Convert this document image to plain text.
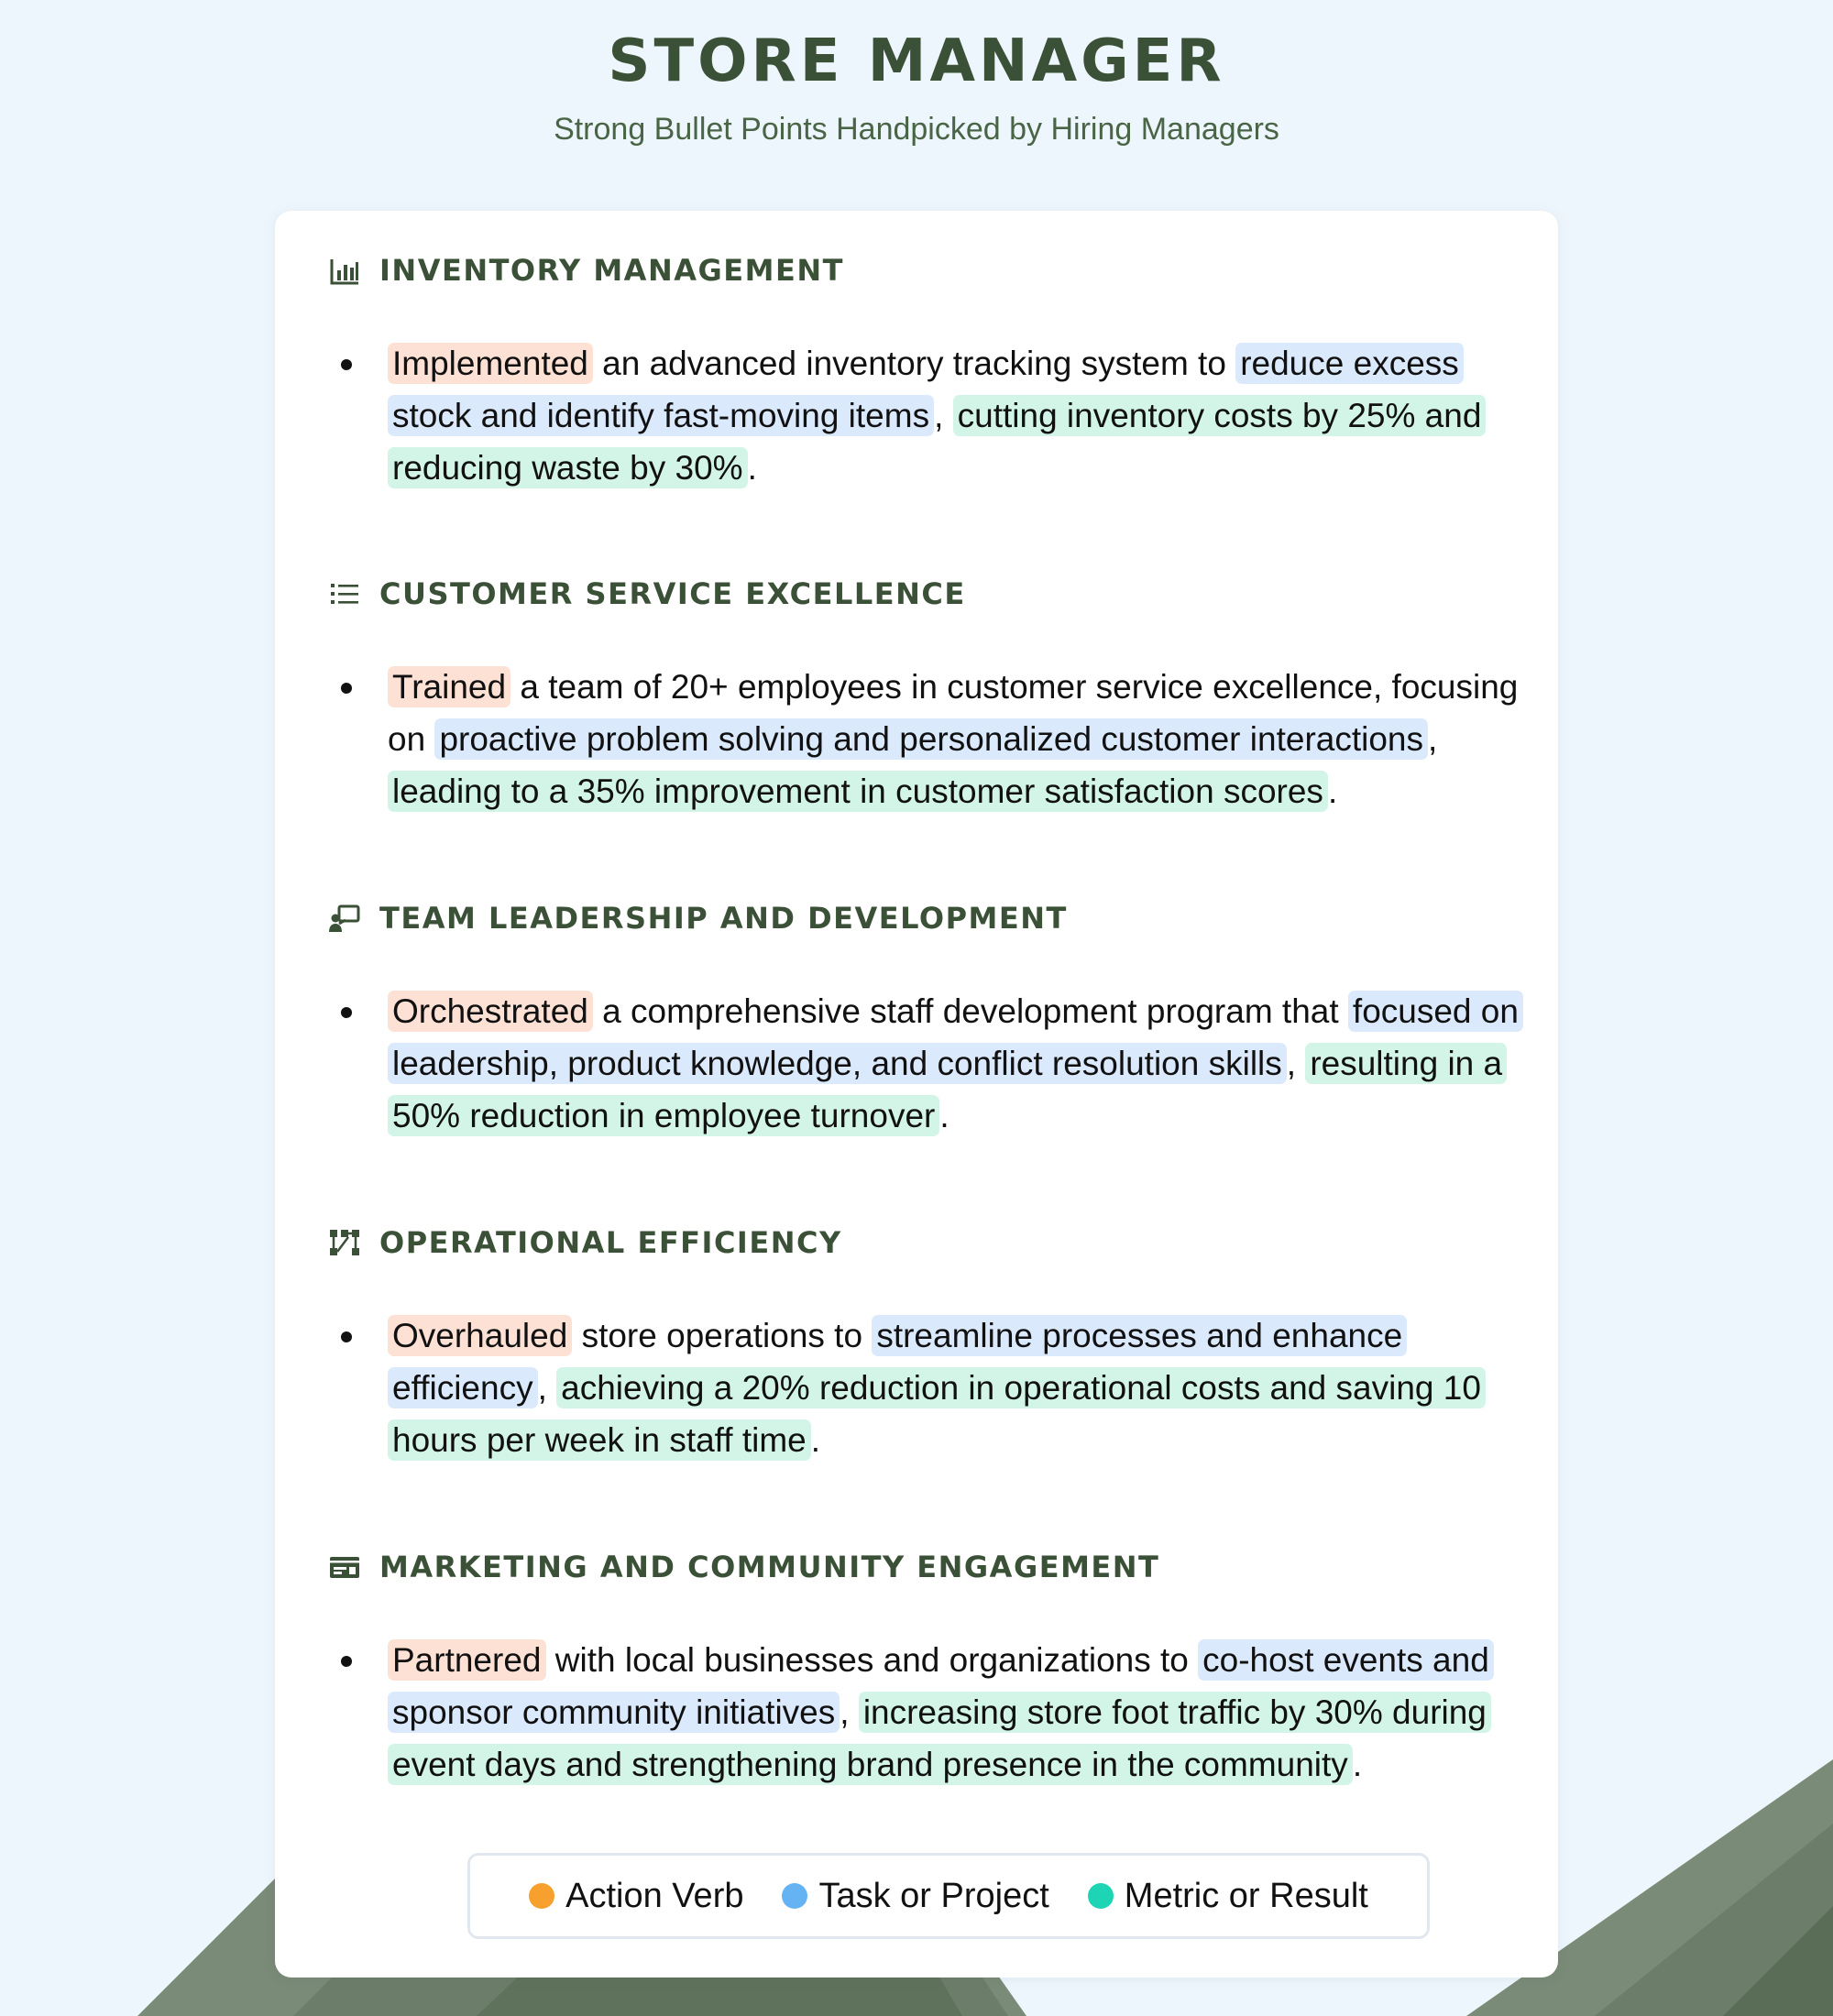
STORE MANAGER
Strong Bullet Points Handpicked by Hiring Managers
INVENTORY MANAGEMENT
Implemented an advanced inventory tracking system to reduce excess stock and identify fast-moving items , cutting inventory costs by 25% and reducing waste by 30% .
CUSTOMER SERVICE EXCELLENCE
Trained a team of 20+ employees in customer service excellence, focusing on proactive problem solving and personalized customer interactions , leading to a 35% improvement in customer satisfaction scores .
TEAM LEADERSHIP AND DEVELOPMENT
Orchestrated a comprehensive staff development program that focused on leadership, product knowledge, and conflict resolution skills , resulting in a 50% reduction in employee turnover .
OPERATIONAL EFFICIENCY
Overhauled store operations to streamline processes and enhance efficiency , achieving a 20% reduction in operational costs and saving 10 hours per week in staff time .
MARKETING AND COMMUNITY ENGAGEMENT
Partnered with local businesses and organizations to co-host events and sponsor community initiatives , increasing store foot traffic by 30% during event days and strengthening brand presence in the community .
Action Verb Task or Project Metric or Result
